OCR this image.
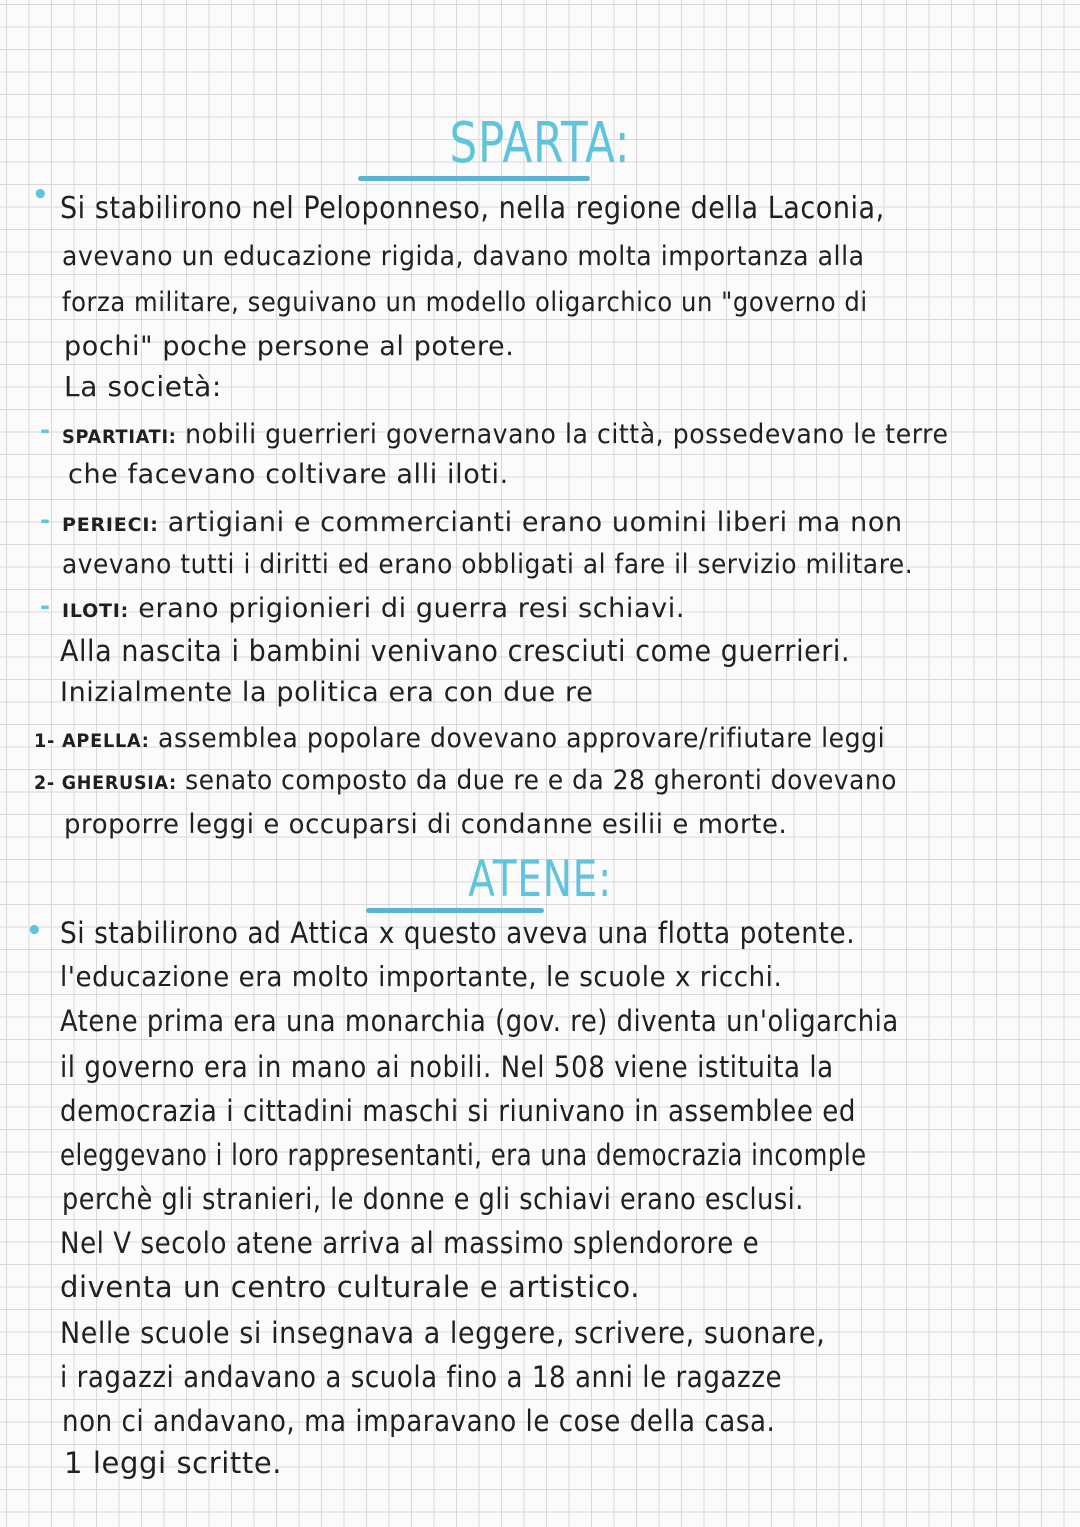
SPARTA:
• Si stabilirono nel Peloponneso, nella regione della Laconia,
avevano un educazione rigida, davano molta importanza alla
forza militare, seguivano un modello oligarchico un "governo di
pochi" poche persone al potere.
La società:
- SPARTIATI: nobili guerrieri governavano la città, possedevano le terre
che facevano coltivare alli iloti.
- PERIECI: artigiani e commercianti erano uomini liberi ma non
avevano tutti i diritti ed erano obbligati al fare il servizio militare.
- ILOTI: erano prigionieri di guerra resi schiavi.
Alla nascita i bambini venivano cresciuti come guerrieri.
Inizialmente la politica era con due re
1- APELLA: assemblea popolare dovevano approvare/rifiutare leggi
2- GHERUSIA: senato composto da due re e da 28 gheronti dovevano
proporre leggi e occuparsi di condanne esilii e morte.
ATENE:
• Si stabilirono ad Attica x questo aveva una flotta potente.
l'educazione era molto importante, le scuole x ricchi.
Atene prima era una monarchia (gov. re) diventa un'oligarchia
il governo era in mano ai nobili. Nel 508 viene istituita la
democrazia i cittadini maschi si riunivano in assemblee ed
eleggevano i loro rappresentanti, era una democrazia incomple
perchè gli stranieri, le donne e gli schiavi erano esclusi.
Nel V secolo atene arriva al massimo splendorore e
diventa un centro culturale e artistico.
Nelle scuole si insegnava a leggere, scrivere, suonare,
i ragazzi andavano a scuola fino a 18 anni le ragazze
non ci andavano, ma imparavano le cose della casa.
1 leggi scritte.
